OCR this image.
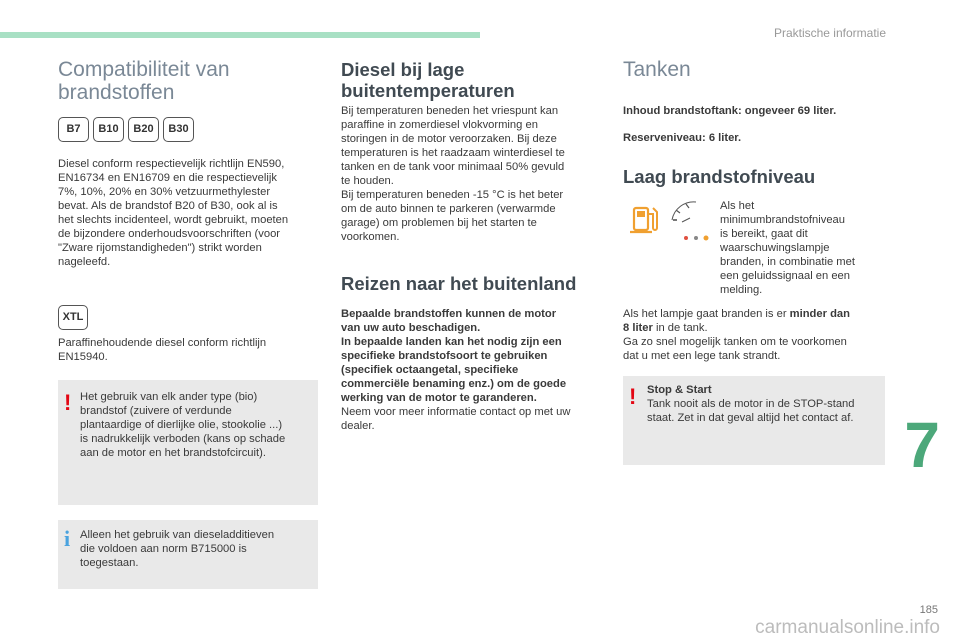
Praktische informatie
Compatibiliteit van
brandstoffen
B7 B10 B20 B30
Diesel conform respectievelijk richtlijn EN590,
EN16734 en EN16709 en die respectievelijk
7%, 10%, 20% en 30% vetzuurmethylester
bevat. Als de brandstof B20 of B30, ook al is
het slechts incidenteel, wordt gebruikt, moeten
de bijzondere onderhoudsvoorschriften (voor
"Zware rijomstandigheden") strikt worden
nageleefd.
XTL
Paraffinehoudende diesel conform richtlijn
EN15940.
! Het gebruik van elk ander type (bio)
brandstof (zuivere of verdunde
plantaardige of dierlijke olie, stookolie ...)
is nadrukkelijk verboden (kans op schade
aan de motor en het brandstofcircuit).
i Alleen het gebruik van dieseladditieven
die voldoen aan norm B715000 is
toegestaan.
Diesel bij lage
buitentemperaturen
Bij temperaturen beneden het vriespunt kan
paraffine in zomerdiesel vlokvorming en
storingen in de motor veroorzaken. Bij deze
temperaturen is het raadzaam winterdiesel te
tanken en de tank voor minimaal 50% gevuld
te houden.
Bij temperaturen beneden -15 °C is het beter
om de auto binnen te parkeren (verwarmde
garage) om problemen bij het starten te
voorkomen.
Reizen naar het buitenland
Bepaalde brandstoffen kunnen de motor
van uw auto beschadigen.
In bepaalde landen kan het nodig zijn een
specifieke brandstofsoort te gebruiken
(specifiek octaangetal, specifieke
commerciële benaming enz.) om de goede
werking van de motor te garanderen.
Neem voor meer informatie contact op met uw
dealer.
Tanken
Inhoud brandstoftank: ongeveer 69 liter.
Reserveniveau: 6 liter.
Laag brandstofniveau
Als het
minimumbrandstofniveau
is bereikt, gaat dit
waarschuwingslampje
branden, in combinatie met
een geluidssignaal en een
melding.
Als het lampje gaat branden is er minder dan
8 liter in de tank.
Ga zo snel mogelijk tanken om te voorkomen
dat u met een lege tank strandt.
! Stop & Start
Tank nooit als de motor in de STOP-stand
staat. Zet in dat geval altijd het contact af. 7
carmanualsonline.info
185
